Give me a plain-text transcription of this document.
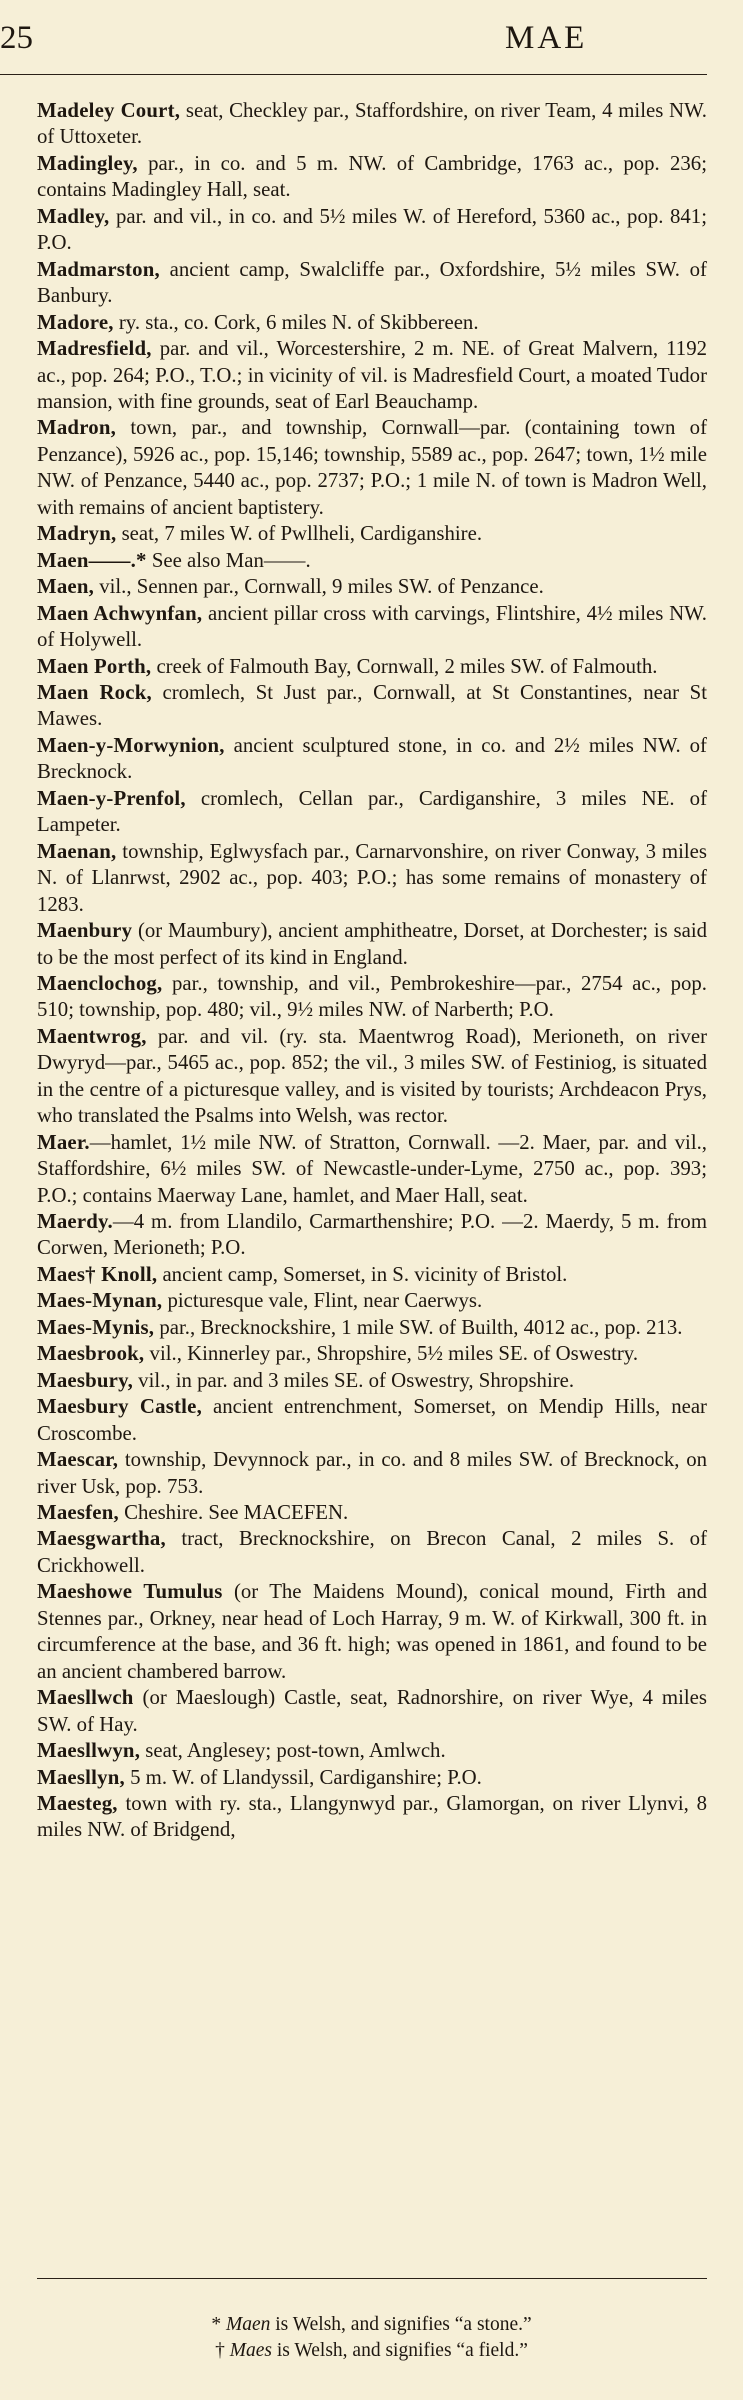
25	MAE

Madeley Court, seat, Checkley par., Staffordshire, on river Team, 4 miles NW. of Uttoxeter.

Madingley, par., in co. and 5 m. NW. of Cambridge, 1763 ac., pop. 236; contains Madingley Hall, seat.

Madley, par. and vil., in co. and 5½ miles W. of Hereford, 5360 ac., pop. 841; P.O.

Madmarston, ancient camp, Swalcliffe par., Oxfordshire, 5½ miles SW. of Banbury.

Madore, ry. sta., co. Cork, 6 miles N. of Skibbereen.

Madresfield, par. and vil., Worcestershire, 2 m. NE. of Great Malvern, 1192 ac., pop. 264; P.O., T.O.; in vicinity of vil. is Madresfield Court, a moated Tudor mansion, with fine grounds, seat of Earl Beauchamp.

Madron, town, par., and township, Cornwall—par. (containing town of Penzance), 5926 ac., pop. 15,146; township, 5589 ac., pop. 2647; town, 1½ mile NW. of Penzance, 5440 ac., pop. 2737; P.O.; 1 mile N. of town is Madron Well, with remains of ancient baptistery.

Madryn, seat, 7 miles W. of Pwllheli, Cardiganshire.

Maen——.* See also Man——.

Maen, vil., Sennen par., Cornwall, 9 miles SW. of Penzance.

Maen Achwynfan, ancient pillar cross with carvings, Flintshire, 4½ miles NW. of Holywell.

Maen Porth, creek of Falmouth Bay, Cornwall, 2 miles SW. of Falmouth.

Maen Rock, cromlech, St Just par., Cornwall, at St Constantines, near St Mawes.

Maen-y-Morwynion, ancient sculptured stone, in co. and 2½ miles NW. of Brecknock.

Maen-y-Prenfol, cromlech, Cellan par., Cardiganshire, 3 miles NE. of Lampeter.

Maenan, township, Eglwysfach par., Carnarvonshire, on river Conway, 3 miles N. of Llanrwst, 2902 ac., pop. 403; P.O.; has some remains of monastery of 1283.

Maenbury (or Maumbury), ancient amphitheatre, Dorset, at Dorchester; is said to be the most perfect of its kind in England.

Maenclochog, par., township, and vil., Pembrokeshire—par., 2754 ac., pop. 510; township, pop. 480; vil., 9½ miles NW. of Narberth; P.O.

Maentwrog, par. and vil. (ry. sta. Maentwrog Road), Merioneth, on river Dwyryd—par., 5465 ac., pop. 852; the vil., 3 miles SW. of Festiniog, is situated in the centre of a picturesque valley, and is visited by tourists; Archdeacon Prys, who translated the Psalms into Welsh, was rector.

Maer.—hamlet, 1½ mile NW. of Stratton, Cornwall. —2. Maer, par. and vil., Staffordshire, 6½ miles SW. of Newcastle-under-Lyme, 2750 ac., pop. 393; P.O.; contains Maerway Lane, hamlet, and Maer Hall, seat.

Maerdy.—4 m. from Llandilo, Carmarthenshire; P.O. —2. Maerdy, 5 m. from Corwen, Merioneth; P.O.

Maes† Knoll, ancient camp, Somerset, in S. vicinity of Bristol.

Maes-Mynan, picturesque vale, Flint, near Caerwys.

Maes-Mynis, par., Brecknockshire, 1 mile SW. of Builth, 4012 ac., pop. 213.

Maesbrook, vil., Kinnerley par., Shropshire, 5½ miles SE. of Oswestry.

Maesbury, vil., in par. and 3 miles SE. of Oswestry, Shropshire.

Maesbury Castle, ancient entrenchment, Somerset, on Mendip Hills, near Croscombe.

Maescar, township, Devynnock par., in co. and 8 miles SW. of Brecknock, on river Usk, pop. 753.

Maesfen, Cheshire. See MACEFEN.

Maesgwartha, tract, Brecknockshire, on Brecon Canal, 2 miles S. of Crickhowell.

Maeshowe Tumulus (or The Maidens Mound), conical mound, Firth and Stennes par., Orkney, near head of Loch Harray, 9 m. W. of Kirkwall, 300 ft. in circumference at the base, and 36 ft. high; was opened in 1861, and found to be an ancient chambered barrow.

Maesllwch (or Maeslough) Castle, seat, Radnorshire, on river Wye, 4 miles SW. of Hay.

Maesllwyn, seat, Anglesey; post-town, Amlwch.

Maesllyn, 5 m. W. of Llandyssil, Cardiganshire; P.O.

Maesteg, town with ry. sta., Llangynwyd par., Glamorgan, on river Llynvi, 8 miles NW. of Bridgend,

* Maen is Welsh, and signifies “a stone.”

† Maes is Welsh, and signifies “a field.”
